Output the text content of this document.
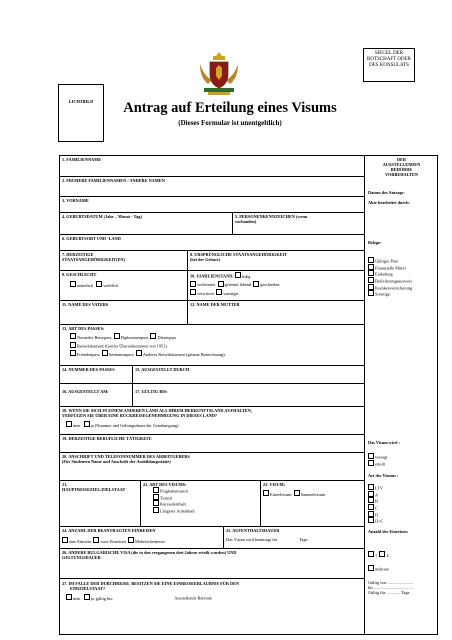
SIEGEL DER
BOTSCHAFT ODER
DES KONSULATS
LICHTBILD	Antrag auf Erteilung eines Visums
(Dieses Formular ist unentgeltlich)
DER
AUSSTELLENDEN
BEHÖRDE
VORBEHALTEN
Datum des Antrags:
Akte bearbeitet durch:
Belege:
Gültiger Pass
Finanzielle Mittel
Einladung
Beförderungsausweis
Krankenversicherung
Sonstige:
Das Visum wird :
versagt
erteilt
Art des Visums :
LTV
A
B
C
D
D+C
Anzahl der Einreisen:
1 2
mehrere
Gültig von .........................
bis .....................................
Gültig für: ............ Tage
1. FAMILIENNAME
2. FRÜHERE FAMILIENNAMEN / ANDERE NAMEN
3. VORNAME
4. GEBURTSDATUM (Jahr – Monat - Tag)	5. PERSONENKENNZEICHEN (wenn
vorhanden)
6. GEBURTSORT UND -LAND
7. DERZEITIGE
STAATSANGEHÖRIGKEIT(EN)
8. URSPRÜNGLICHE STAATSANGEHÖRIGKEIT
(bei der Geburt)
9. GESCHLECHT
männlich weiblich
10. FAMILIENSTAND: ledig
verheiratet getrennt lebend geschieden
verwitwet sonstiger
11. NAME DES VATERS	12. NAME DER MUTTER
13. ART DES PASSES:
Normaler Reisepass Diplomatenpass Dienstpass
Reisedokument (Genfer Übereinkommen von 1951)
Fremdenpass Seemannspass Anderes Reisedokument (genaue Bezeichnung):
14. NUMMER DES PASSES	15. AUSGESTELLT DURCH
16. AUSGESTELLT AM:	17. GÜLTIG BIS:
18. WENN SIE SICH IN EINEM ANDEREN LAND ALS IHREM HERKUNFTSLAND AUFHALTEN,
VERFÜGEN SIE ÜBER EINE RÜCKREISEGENEHMIGUNG IN DIESES LAND?
nein ja (Nummer und Geltungsdauer der Genehmigung)
19. DERZEITIGE BERUFLICHE TÄTIGKEIT:
20. ANSCHRIFT UND TELEFONNUMMER DES ARBEITGEBERS
(Für Studenten Name und Anschrift der Ausbildungsstätte)
21.
HAUPTREISEZIEL/ZIELSTAAT
22. ART DES VISUMS:
Flughafentransit
Transit
Kurzaufenthalt
Längerer Aufenthalt
23. VISUM:
Einzelvisum Sammelvisum
24. ANZAHL DER BEANTRAGTEN EINREISEN
eine Einreise zwei Einreisen Mehrfacheinreise
25. AUFENTHALTSDAUER
Das Visum wird benutragt für	Tage
26. ANDERE BULGARISCHE VISA (die in den vergangenen drei Jahren erteilt wurden) UND
GELTUNGSDAUER
27. IM FALLE DER DURCHREISE, BESITZEN SIE EINE EINREISEERLAUBNIS FÜR DEN
ENDZIELSTAAT?
nein ja, gültig bis:	Ausstellende Behörde
